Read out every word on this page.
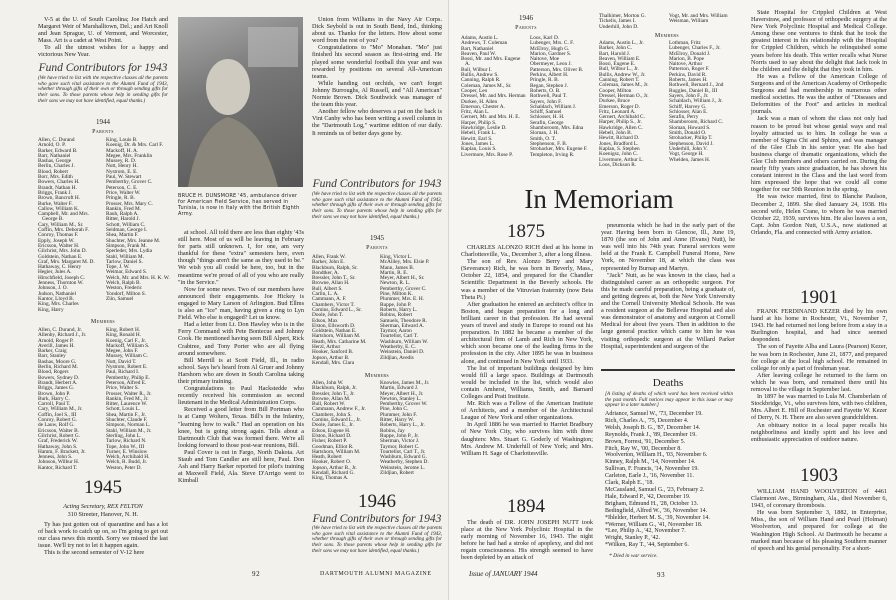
V-5 at the U. of South Carolina; Joe Hatch and Margaret Weir of Marshalltown, Del.; and Art Knoll and Jean Sprague, U. of Vermont, and Worcester, Mass. Art is a cadet at West Point.
To all the utmost wishes for a happy and victorious New Year.
Fund Contributors for 1943
(We have tried to list with the respective classes all the parents who gave such vital assistance to the Alumni Fund of 1943, whether through gifts of their own or through sending gifts for their sons. To those parents whose help in sending gifts for their sons we may not have identified, equal thanks.)
1944
Parents
Allen, C. Durand
Arnold, O. P.
Barker, Edward B.
Barr, Nathaniel
Bashas, George
Berlin, Charles J.
Blood, Robert
Borr, Mrs. Edith
Bowers, Charles H.
Brandt, Nathan H.
Briggs, Frank J.
Brown, Bancroft H.
Burke, Walter F.
Callow, William K.
Campbell, Mr. and Mrs. George B.
Cary, William M., Sr.
Coffin, Mrs. Deborah F.
Conroy, Thomas F.
Epply, Joseph W.
Ericsson, Walter H.
Gilchrist, Mrs. John D.
Goldstein, Nathan E.
Graf, Mrs. Margaret M. D.
Hathaway, C. Henry
Hegier, Jules A.
Hirschfield, Joseph C.
Jenness, Thornton W.
Johnson, J. O.
Judson, Nathaniel
Kantor, Lloyd B.
King, Mrs. Charles
King, Harry
King, Louis B.
Koenig, Dr. & Mrs. Carl F.
Mackoff, H. A.
Megee, Mrs. Franklin
Mussey, R. D.
Nutt, Henry H.
Nystrom, E. E.
Paul, W. Stewart
Pemberthy, Grover C.
Peterson, C. E.
Price, Walter W.
Pringle, R. B.
Prosser, Mrs. Mary C.
Rankin, Fred M.
Rauh, Ralph A.
Ritter, Harold J.
Schott, William C.
Seidman, George I.
Shea, Martin F.
Shuchter, Mrs. Jeanne M.
Simpson, Frank M.
Sperleder, Mrs. Lydia
Stahl, William M.
Tarlow, Daniel S.
Tope, J. W.
Weimar, Edward S.
Welch, Mr. and Mrs. H. K. W.
Welch, Ralph B.
Weston, Frederic
Yondorf, Milton S.
Ziin, Samuel
Members
Allen, C. Durand, Jr.
Allenby, Richard J., Jr.
Arnold, Roger P.
Averill, James H.
Barker, Craig
Barr, Stanley
Bashas, Moore G.
Berlin, Richard M.
Blood, Rogers
Bowers, Sydney D.
Brandt, Herbert A.
Briggs, James G.
Brown, John P.
Burk, Harry C.
Carroll, Paul T.
Cary, William M., Jr.
Coffin, Joel S., III
Conroy, Robert G.
de Lauw, Rolf G.
Ericsson, Walter B.
Gilchrist, Robert G.
Graf, Frederick W.
Hathaway, John S.
Hamm, F. Brackett, Jr.
Jenness, John S.
Johnson, Wilbur H.
Kantor, Richard T.
King, Robert H.
King, Ronald H.
Koenig, Carl F., Jr.
Mackoff, William S.
Megee, John F.
Mussey, William C.
Nutt, David T.
Nystrom, Robert E.
Paul, Richard I.
Pemberthy, Philip E.
Peterson, Alfred E.
Price, Walter S.
Prosser, Walter R., Jr.
Rankin, Fred M., Jr.
Ritter, Laurence W.
Schott, Louis L.
Shea, Martin F., Jr.
Shuchter, Claude F.
Simpson, Norman L.
Stahl, William M., Jr.
Sterling, John L.
Tarlow, Richard N.
Tope, John W., III
Turner, E. Winslow
Welch, Archibald H.
Welch, R. Budd, Jr.
Weston, Peter D.
1945
Acting Secretary, REX FELTON
310 Streeter, Hanover, N. H.
Ty has just gotten out of quarantine and has a lot of back work to catch up on, so I'm going to get out our class news this month. Sorry we missed the last issue. We'll try not to let it happen again.
This is the second semester of V-12 here
BRUCE H. DUNSMORE '45, ambulance driver for American Field Service, has served in Tunisia, is now in Italy with the British Eighth Army.
at school. All told there are less than eighty '43s still here. Most of us will be leaving in February for parts still unknown. I, for one, am very thankful for these "extra" semesters here, even though "things aren't the same as they used to be." We wish you all could be here, too, but in the meantime we're proud of all of you who are really "in the Service."
Now for some news. Two of our members have announced their engagements. Joe Hickey is engaged to Mary Larson of Arlington. Bud Ellms is also an "ice" man, having given a ring to Lyn Field. Who else is engaged? Let us know.
Had a letter from Lt. Don Hawley who is in the Ferry Command with Pete Bontecue and Johnny Cook. He mentioned having seen Bill Alpert, Rick Crabtree, and Tony Porter who are all flying around somewhere.
Bill Merrill is at Scott Field, Ill., in radio school. Says he's heard from Al Gruer and Johnny Harshorn who are down in South Carolina taking their primary training.
Congratulations to Paul Hackstedde who recently received his commission as second lieutenant in the Medical Administration Corps.
Received a good letter from Bill Portman who is at Camp Wolters, Texas. Bill's in the Infantry, "learning how to walk." Had an operation on his knee, but is going strong again. Tells about a Dartmouth Club that was formed there. We're all looking forward to those post-war reunions, Bill.
Paul Cover is out in Fargo, North Dakota. Art Staub and Tom Candler are still here, Paul. Don Ash and Harry Barker reported for pilot's training at Maxwell Field, Ala. Steve D'Arrigo went to Kimball
Union from Williams in the Navy Air Corps. Dick Seybold is out in South Bend, Ind., thinking about us. Thanks for the letters. How about some word from the rest of you?
Congratulations to "Mo" Monahan. "Mo" just finished his second season as first-string end. He played some wonderful football this year and was rewarded by positions on several All-American teams.
While handing out orchids, we can't forget Johnny Burroughs, Al Russell, and "All American" Normie Brown. Dick Southwick was manager of the team this year.
Another fellow who deserves a pat on the back is Vint Canby who has been writing a swell column in the "Dartmouth Log," wartime edition of our daily. It reminds us of better days gone by.
Fund Contributors for 1943
(We have tried to list with the respective classes all the parents who gave such vital assistance to the Alumni Fund of 1943, whether through gifts of their own or through sending gifts for their sons. To those parents whose help in sending gifts for their sons we may not have identified, equal thanks.)
1945
Parents
Allen, Frank W.
Barker, John E.
Blackburn, Ralph, Sr.
Bondtker, A.
Bressler, John T., Sr.
Browne, Allan H.
Bull, Albert S.
Carlin, L. A.
Cammann, A. F.
Chambers, Victor T.
Comins, Edward L., Sr.
Doole, John T.
Edson, Max
Elston, Ellsworth D.
Goldstein, Nathan E.
Hartshorn, William M.
Heath, Mrs. Catharine M.
Herzl, Arthur
Hooker, Sanford B.
Jopson, Arthur B.
Kendall, Mrs. Clara
King, Victor L.
McAliley, Mrs. Elsie P.
Mann, James B.
Martin, R. E.
Meyer, Albert H., Sr.
Newton, R. L.
Pemberthy, Grover C.
Pine, Milton K.
Plummer, Mrs. E. H.
Ruppe, John P.
Roberts, Harry L.
Robins, Robert
Samuels, Theodore R.
Sherman, Edward A.
Taymor, Aaron
Tourtellot, Carl T.
Washburn, William W.
Weatherby, E. C.
Weinstein, Daniel D.
Zildjian, Avedis
Members
Allen, John W.
Blackburn, Ralph, Jr.
Bressler, John T., Jr.
Browne, Allan M.
Bull, Robert W.
Cammann, Andrew F., Jr.
Chambers, John S.
Comins, Edward L., Jr.
Doole, James E., Jr.
Edson, Eugene H.
Elston, Richard D.
Fisher, Robert P.
Goodman, Elliot R.
Hartshorn, William M.
Heath, Robert
Hooker, Robert O.
Jopson, Arthur B., Jr.
Kendall, Richard G.
King, Thomas A.
Knowles, James M., Jr.
Martin, Edward J.
Meyer, Albert H., Jr.
Newton, Stanley L.
Pemberthy, Grover W.
Pine, John C.
Plummer, John F.
Ritter, Harry W.
Roberts, Harry L., Jr.
Robins, Jay
Ruppe, John P., Jr.
Sherman, Victor J.
Taymor, Robert C.
Tourtellot, Carl T., Jr.
Washburn, Edward G.
Weatherby, Stephen D.
Weinstein, Jerome L.
Zildjian, Robert
1946
Fund Contributors for 1943
(We have tried to list with the respective classes all the parents who gave such vital assistance to the Alumni Fund of 1943, whether through gifts of their own or through sending gifts for their sons. To those parents whose help in sending gifts for their sons we may not have identified, equal thanks.)
92	DARTMOUTH ALUMNI MAGAZINE
1946
Parents
Adams, Austin L.
Andrews, T. Coleman
Bart, Nathaniel
Beaven, Paul W.
Bossi, Mr. and Mrs. Eugene A.
Bull, Wilbur I.
Bullis, Andrew S.
Canning, Ralph R.
Coleman, James M., Sr.
Cooper, Leo
Dressel, Mr. and Mrs. Herman
Durkee, H. Allen
Emerson, Chester A.
Fritz, Alan L.
Gernert, Mr. and Mrs. H. E.
Harper, Philip S.
Hawkridge, Leslie D.
Hebell, Frank L.
Hewitt, Earl S.
Jones, James L.
Kaplan, Louis S.
Livermore, Mrs. Rose P.
Loos, Karl D.
Lubenger, Mrs. C. F.
McElroy, Hugh G.
Marion, Gardner S.
Naitove, Moe
Obermeyer, Leon J.
Patterson, Mrs. Oliver B.
Perkins, Albert H.
Pringle, R. B.
Regan, Stephen J.
Roberts, O. B.
Rothwell, Paul T.
Sayers, John F.
Schaldach, William J.
Schiff, Samuel
Schlosser, H. H.
Serafin, George
Shamboroom, Mrs. Edna
Sloman, J. H.
Smith, O. T.
Stephenson, F. B.
Strohacker, Mrs. Eugene F.
Templeton, Irving R.
Thalhimer, Morton G.
Tickelis, James I.
Underhill, John D.
Vogt, Mr. and Mrs. William
Weisman, William
Members
Adams, Austin L., Jr.
Barker, John C.
Bart, Harold J.
Beaven, William E.
Bossi, Eugene E.
Bull, Wilbur L., Jr.
Bullis, Andrew W., Jr.
Canning, Robert T.
Coleman, James M., Jr.
Cooper, Milton
Dressel, Herman O., Jr.
Durkee, Bruce
Emerson, Roger D.
Fritz, Leonard A.
Gernert, Archibald C.
Harper, Philip S., Jr.
Hawkridge, Allen C.
Hebell, John B.
Hewitt, Richard D.
Jones, Bradford L.
Kaplan, S. Stephen
Koenigsz, John C.
Livermore, Arthur L.
Loos, Dickson R.
Lothman, Fritz
Lubenger, Charles F., Jr.
McElroy, Donald J.
Marion, B. Pope
Naitove, Arthur
Patterson, Roger F.
Perkins, David R.
Roberts, James H.
Rothwell, Bernard J., 2nd
Ruggles, Daniel B., III
Sayers, John F., Jr.
Schaldach, William J., Jr.
Schiff, Harvey G.
Schlosser, Alan E.
Serafin, Perry
Shamboroom, Richard C.
Sloman, Howard S.
Smith, Donald O.
Strohacker, Philip T.
Stephenson, David J.
Underhill, John V.
Vogt, George H.
Whelden, James H.
In Memoriam
1875
CHARLES ALONZO RICH died at his home in Charlottesville, Va., December 3, after a long illness.
The son of Rev. Alonzo Berry and Mary (Severance) Rich, he was born in Beverly, Mass., October 22, 1854, and prepared for the Chandler Scientific Department in the Beverly schools. He was a member of the Vitruvian fraternity (now Beta Theta Pi.)
After graduation he entered an architect's office in Boston, and began preparation for a long and brilliant career in that profession. He had several years of travel and study in Europe to round out his preparation. In 1882 he became a member of the architectural firm of Lamb and Rich in New York, which soon became one of the leading firms in the profession in the city. After 1895 he was in business alone, and continued in New York until 1933.
The list of important buildings designed by him would fill a large space. Buildings at Dartmouth would be included in the list, which would also contain Amherst, Williams, Smith, and Barnard Colleges and Pratt Institute.
Mr. Rich was a Fellow of the American Institute of Architects, and a member of the Architectural League of New York and other organizations.
In April 1886 he was married to Harriet Bradbury of New York City, who survives him with three daughters: Mrs. Stuart G. Goderly of Washington; Mrs. Andrew M. Underhill of New York; and Mrs. William H. Sage of Charlottesville.
1894
The death of DR. JOHN JOSEPH NUTT took place at the New York Polyclinic Hospital in the early morning of November 16, 1943. The night before he had had a stroke of apoplexy, and did not regain consciousness. His strength seemed to have been depleted by an attack of
Issue of JANUARY 1944
pneumonia which he had in the early part of the year. Having been born in Glencoe, Ill., June 19, 1870 (the son of John and Anne (Evans) Nutt), he was well into his 74th year. Funeral services were held at the Frank E. Campbell Funeral Home, New York, on November 18, at which the class was represented by Burnap and Martyn.
"Jack" Nutt, as he was known in the class, had a distinguished career as an orthopedic surgeon. For this he made careful preparation, being a graduate of, and getting degrees at, both the New York University and the Cornell University Medical Schools. He was a resident surgeon at the Bellevue Hospital and also was demonstrator of anatomy and surgeon at Cornell Medical for about five years. Then in addition to the large general practice which came to him he was visiting orthopedic surgeon at the Willard Parker Hospital, superintendent and surgeon of the
Deaths
[A listing of deaths of which word has been received within the past month. Full notices may appear in this issue or may appear in a later number.]
Adriance, Samuel W., '73, December 19.
Rich, Charles A., '75, December 4.
Welsh, Joseph B. G., '87, December 14.
Reynolds, Frank J., '89, December 19.
Brown, Forrest, '91, December 5.
Fitch, Ray W., '00, December 8.
Woolverton, William H., '03, November 6.
Kinney, Ralph M., '14, November 14.
Sullivan, F. Francis, '14, November 19.
Carleton, Earle J., '16, November 11.
Clark, Ralph E., '18.
McCausland, Samuel G., '23, February 2.
Hale, Edward P., '42, December 19.
Brigham, Edmund H., '28, October 13.
Bedingfield, Alfred W., '36, November 14.
*Ihlelder, Herbert M. S., '39, November 14.
*Werner, William G., '41, November 18.
*Lee, Philip A., '42, November 7.
Wright, Stanley P., '42.
*Wilken, Ray T., '44, September 6.
* Died in war service.
93
State Hospital for Crippled Children at West Haverstraw, and professor of orthopedic surgery at the New York Polyclinic Hospital and Medical College. Among these one ventures to think that he took the greatest interest in his relationship with the Hospital for Crippled Children, which he relinquished some years before his death. This writer recalls what Nurse Norris used to say about the delight that Jack took in the children and the delight that they took in him.
He was a Fellow of the American College of Surgeons and of the American Academy of Orthopedic Surgeons and had membership in numerous other medical societies. He was the author of "Diseases and Deformities of the Foot" and articles in medical journals.
Jack was a man of whom the class not only had reason to be proud but whose genial ways and real loyalty attracted us to him. In college he was a member of Sigma Chi and Sphinx, and was manager of the Glee Club in his senior year. He also had business charge of dramatic organizations, which the Glee Club members and others carried on. During the nearly fifty years since graduation, he has shown his constant interest in the Class and the last word from him expressed the hope that we could all come together for our 50th Reunion in the spring.
He was twice married, first to Blanche Paulson, December 2, 1899. She died January 24, 1938. His second wife, Helen Crane, to whom he was married October 22, 1939, survives him. He also leaves a son, Capt. John Gordon Nutt, U.S.A., now stationed at Orlando, Fla. and connected with Army aviation.
1901
FRANK FERDINAND KEZER died by his own hand at his home in Rochester, Vt., November 7, 1943. He had returned not long before from a stay in a Burlington hospital, and had since seemed despondent.
The son of Fayette Alba and Laura (Pearson) Kezer, he was born in Rochester, June 21, 1877, and prepared for college at the local high school. He remained in college for only a part of freshman year.
After leaving college he returned to the farm on which he was born, and remained there until his removal to the village in September last.
In 1897 he was married to Lula M. Chamberlain of Stockbridge, Vt., who survives him, with two children, Mrs. Albert E. Hill of Rochester and Fayette W. Kezer of Derry, N. H. There are also seven grandchildren.
An obituary notice in a local paper recalls his neighborliness and kindly spirit and his love and enthusiastic appreciation of outdoor nature.
1903
WILLIAM HAND WOOLVERTON of 4461 Clairmont Ave., Birmingham, Ala., died November 6, 1943, of coronary thrombosis.
He was born September 3, 1882, in Enterprise, Miss., the son of William Hand and Pearl (Holman) Woolverton, and prepared for college at the Washington High School. At Dartmouth he became a marked man because of his pleasing Southern manner of speech and his genial personality. For a short-
